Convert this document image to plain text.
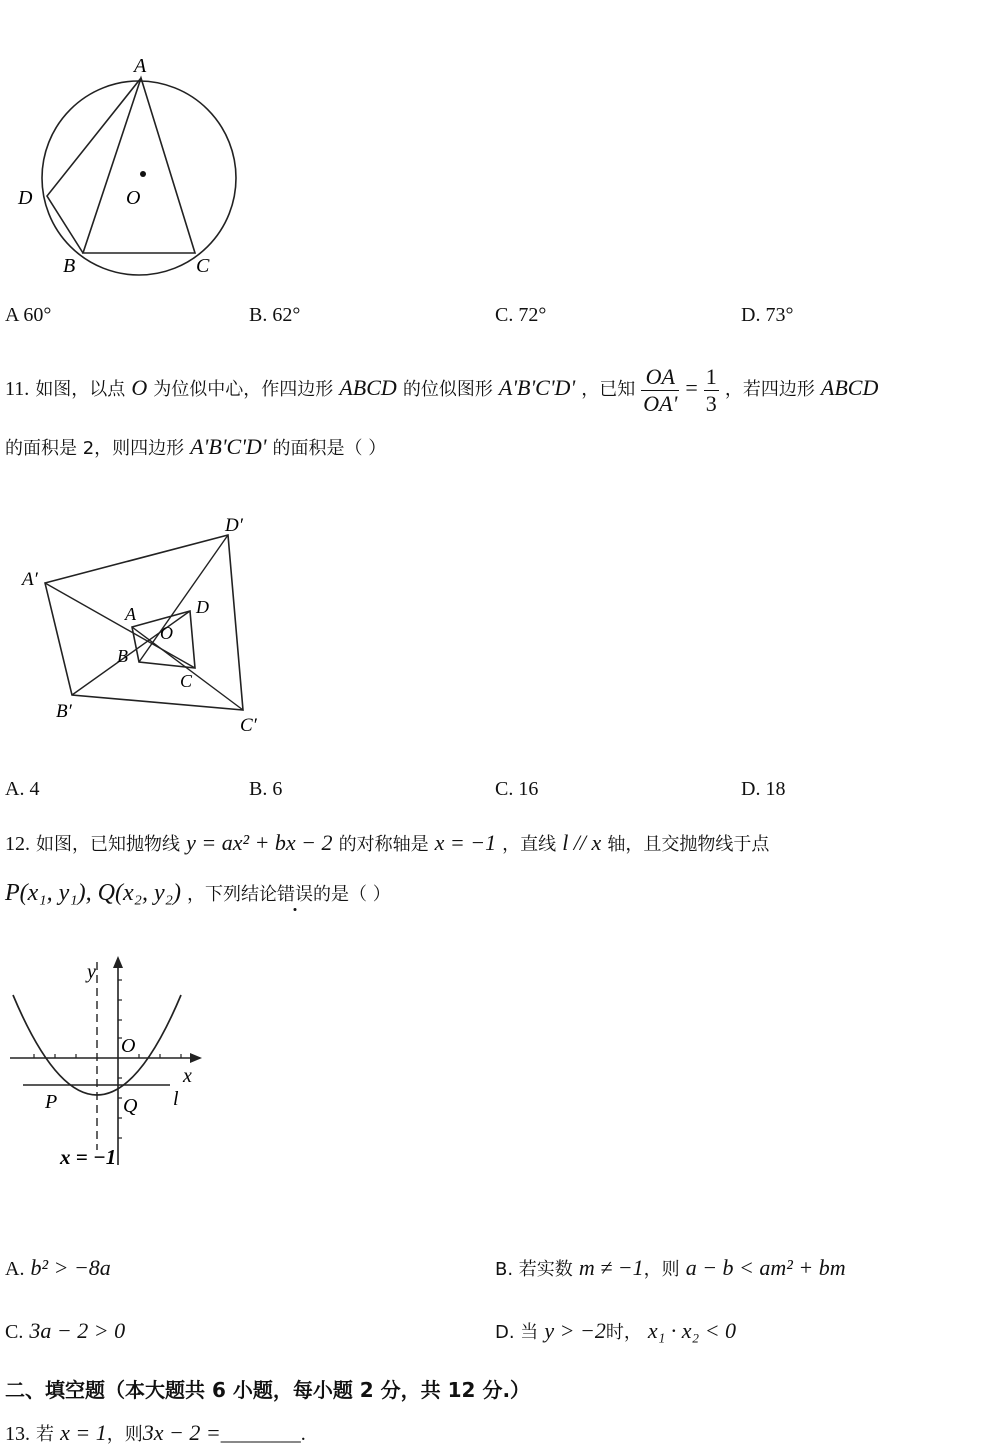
A
D	O
B	C
A 60°	B. 62°	C. 72°	D. 73°
11. 如图，以点 O 为位似中心，作四边形 ABCD 的位似图形 A'B'C'D' ，已知 $\frac{OA}{OA'} = \frac{1}{3}$ ，若四边形 ABCD
的面积是 2，则四边形 A'B'C'D' 的面积是（ ）
A′
D′
B′
C′
A	D
O
B
C
A. 4	B. 6	C. 16	D. 18
12. 如图，已知抛物线 y = ax² + bx − 2 的对称轴是 x = −1 ，直线 l // x 轴，且交抛物线于点
P(x₁, y₁), Q(x₂, y₂) ，下列结论错误的是（ ）
y
x
O
P	Q l
x = −1
A. b² > −8a	B. 若实数 m ≠ −1，则 a − b < am² + bm
C. 3a − 2 > 0	D. 当 y > −2时， x₁ · x₂ < 0
二、填空题（本大题共 6 小题，每小题 2 分，共 12 分.）
13. 若 x = 1，则3x − 2 =________.
